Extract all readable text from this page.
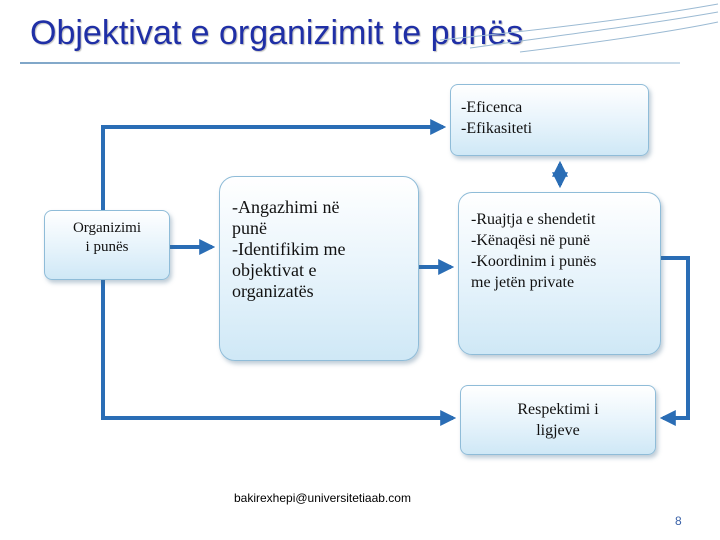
Objektivat e organizimit te punës
Organizimi
i punës
-Angazhimi në
punë
-Identifikim me
objektivat e
organizatës
-Eficenca
-Efikasiteti
-Ruajtja e shendetit
-Kënaqësi në punë
-Koordinim i punës
me jetën private
Respektimi i
ligjeve
bakirexhepi@universitetiaab.com
8
